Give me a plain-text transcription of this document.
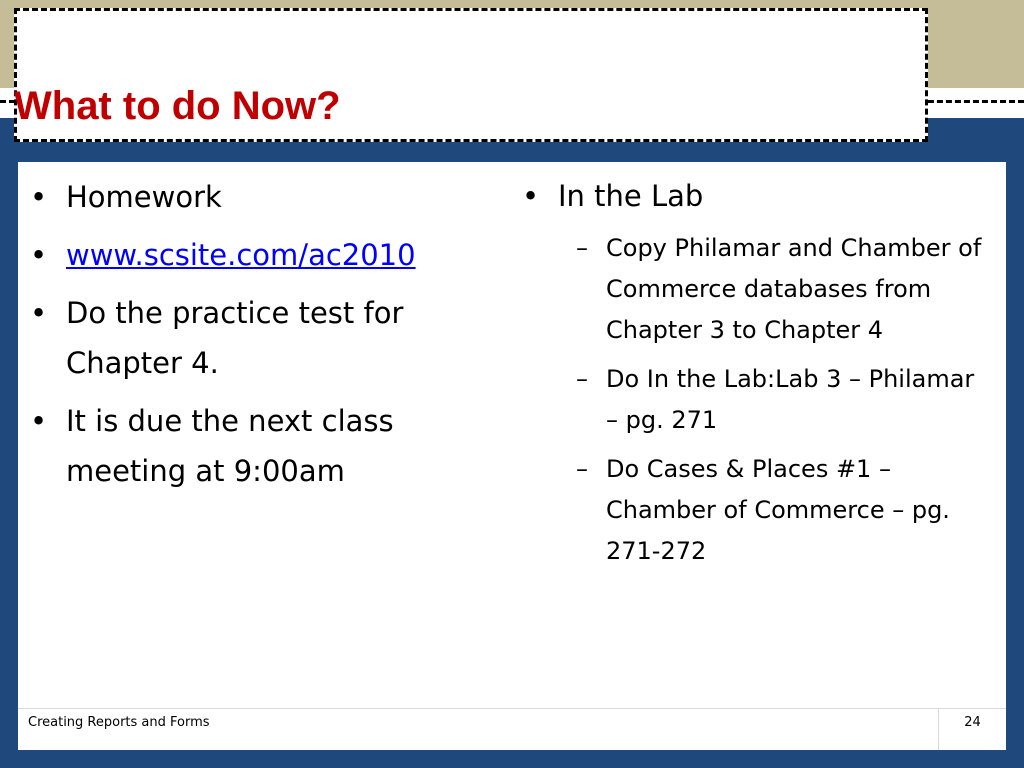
What to do Now?
• Homework
• www.scsite.com/ac2010
• Do the practice test for Chapter 4.
• It is due the next class meeting at 9:00am
• In the Lab
– Copy Philamar and Chamber of Commerce databases from Chapter 3 to Chapter 4
– Do In the Lab:Lab 3 – Philamar – pg. 271
– Do Cases & Places #1 – Chamber of Commerce – pg. 271-272
Creating Reports and Forms	24
